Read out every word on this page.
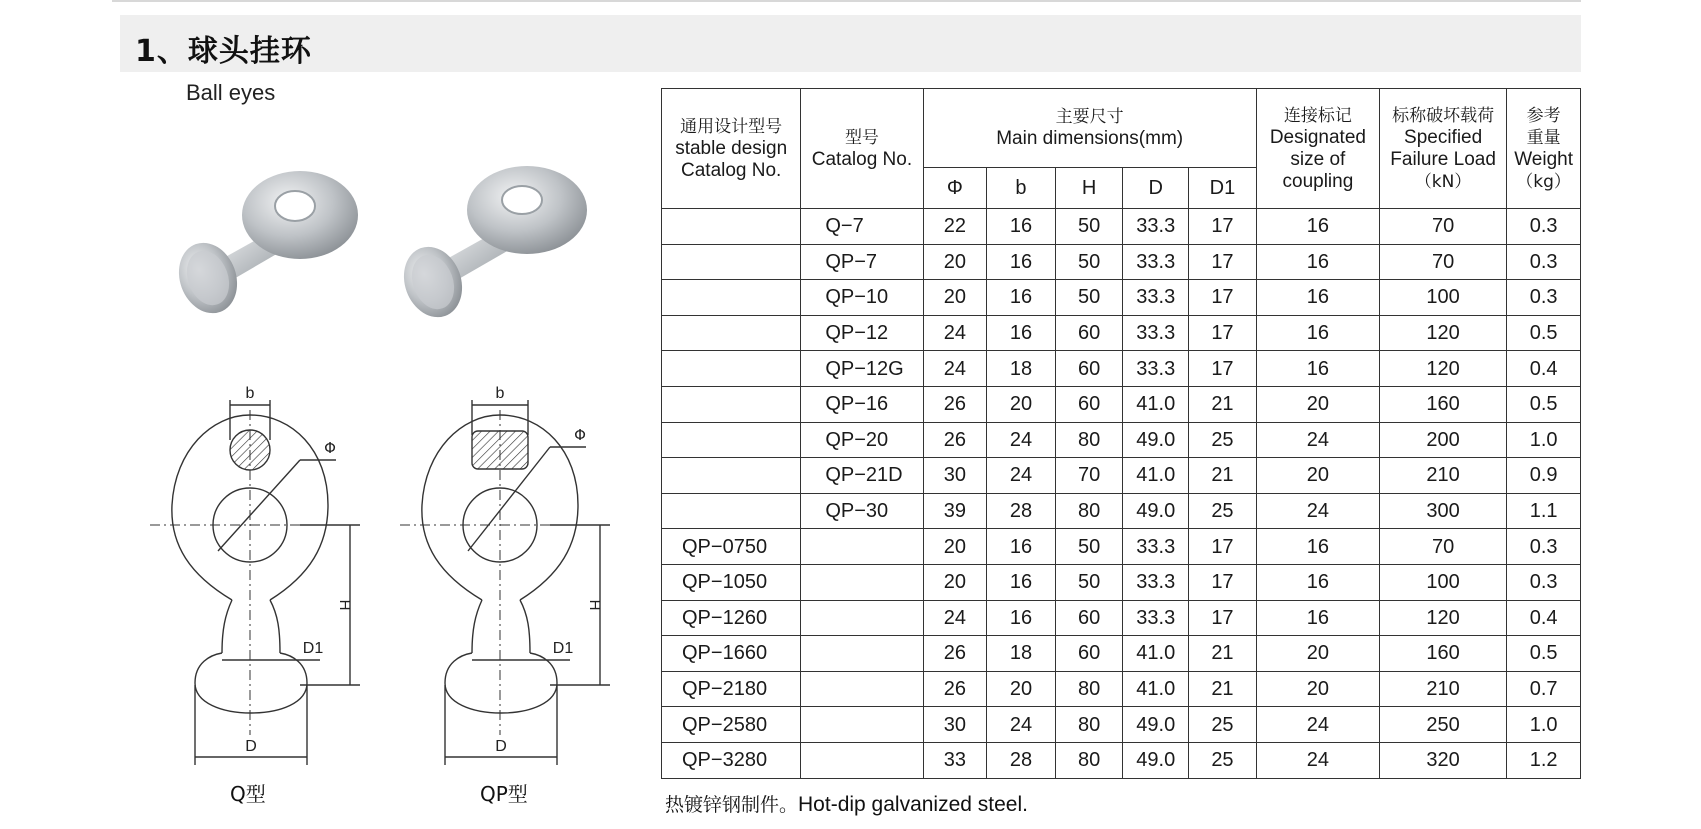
1、球头挂环
Ball eyes
b
Φ
H
D1
D
Q型
b
Φ
H
D1
D
QP型
通用设计型号
stable design
Catalog No.	型号
Catalog No.	主要尺寸
Main dimensions(mm)					连接标记
Designated
size of
coupling	标称破坏载荷
Specified
Failure Load
（kN）	参考
重量
Weight
（kg）

		Φ	b	H	D	D1			
	Q−7	22	16	50	33.3	17	16	70	0.3
	QP−7	20	16	50	33.3	17	16	70	0.3
	QP−10	20	16	50	33.3	17	16	100	0.3
	QP−12	24	16	60	33.3	17	16	120	0.5
	QP−12G	24	18	60	33.3	17	16	120	0.4
	QP−16	26	20	60	41.0	21	20	160	0.5
	QP−20	26	24	80	49.0	25	24	200	1.0
	QP−21D	30	24	70	41.0	21	20	210	0.9
	QP−30	39	28	80	49.0	25	24	300	1.1
QP−0750		20	16	50	33.3	17	16	70	0.3
QP−1050		20	16	50	33.3	17	16	100	0.3
QP−1260		24	16	60	33.3	17	16	120	0.4
QP−1660		26	18	60	41.0	21	20	160	0.5
QP−2180		26	20	80	41.0	21	20	210	0.7
QP−2580		30	24	80	49.0	25	24	250	1.0
QP−3280		33	28	80	49.0	25	24	320	1.2
热镀锌钢制件。Hot-dip galvanized steel.
